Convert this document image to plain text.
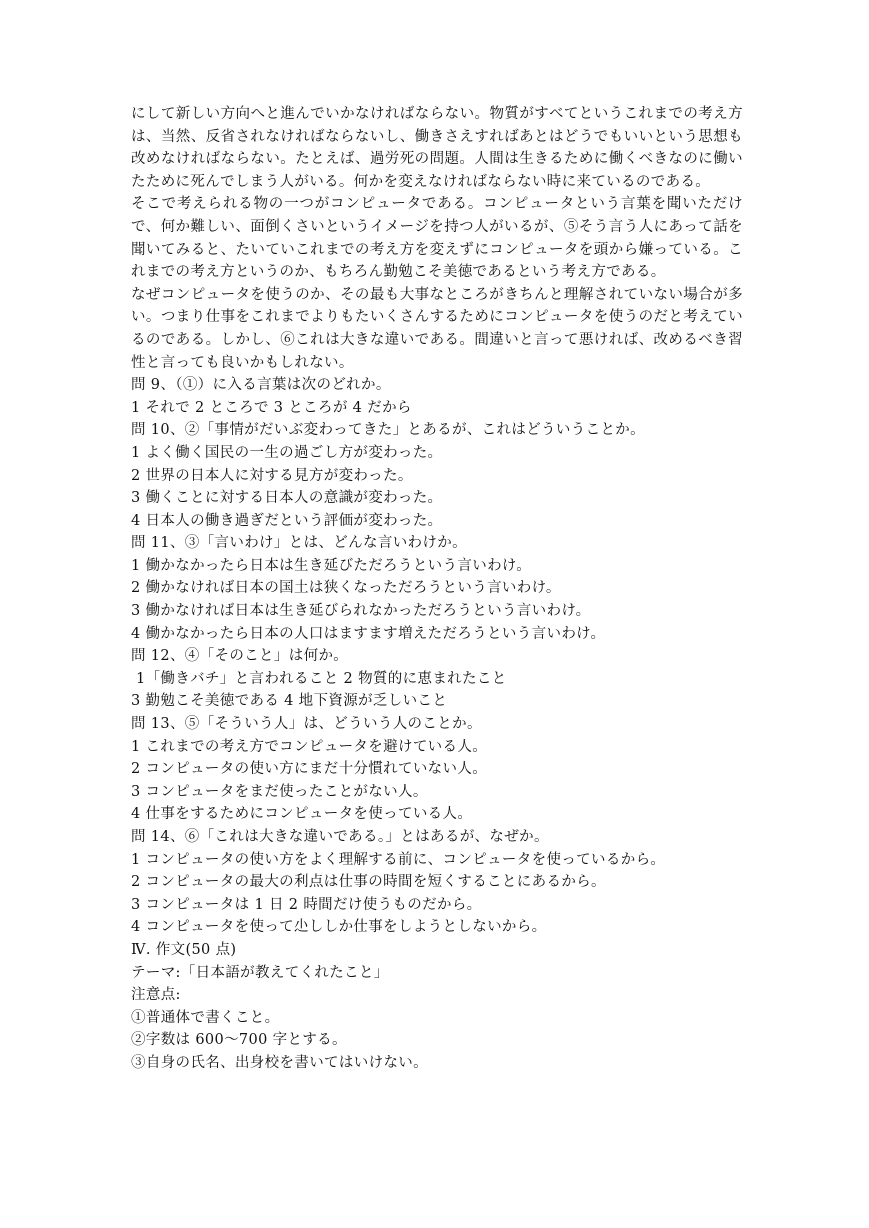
にして新しい方向へと進んでいかなければならない。物質がすべてというこれまでの考え方は、当然、反省されなければならないし、働きさえすればあとはどうでもいいという思想も改めなければならない。たとえば、過労死の問題。人間は生きるために働くべきなのに働いたために死んでしまう人がいる。何かを変えなければならない時に来ているのである。

そこで考えられる物の一つがコンピュータである。コンピュータという言葉を聞いただけで、何か難しい、面倒くさいというイメージを持つ人がいるが、⑤そう言う人にあって話を聞いてみると、たいていこれまでの考え方を変えずにコンピュータを頭から嫌っている。これまでの考え方というのか、もちろん勤勉こそ美徳であるという考え方である。

なぜコンピュータを使うのか、その最も大事なところがきちんと理解されていない場合が多い。つまり仕事をこれまでよりもたいくさんするためにコンピュータを使うのだと考えているのである。しかし、⑥これは大きな違いである。間違いと言って悪ければ、改めるべき習性と言っても良いかもしれない。

問 9、（①）に入る言葉は次のどれか。
1 それで 2 ところで 3 ところが 4 だから
問 10、②「事情がだいぶ変わってきた」とあるが、これはどういうことか。
1 よく働く国民の一生の過ごし方が変わった。
2 世界の日本人に対する見方が変わった。
3 働くことに対する日本人の意識が変わった。
4 日本人の働き過ぎだという評価が変わった。
問 11、③「言いわけ」とは、どんな言いわけか。
1 働かなかったら日本は生き延びただろうという言いわけ。
2 働かなければ日本の国土は狭くなっただろうという言いわけ。
3 働かなければ日本は生き延びられなかっただろうという言いわけ。
4 働かなかったら日本の人口はますます増えただろうという言いわけ。
問 12、④「そのこと」は何か。
1「働きバチ」と言われること 2 物質的に恵まれたこと
3 勤勉こそ美徳である 4 地下資源が乏しいこと
問 13、⑤「そういう人」は、どういう人のことか。
1 これまでの考え方でコンピュータを避けている人。
2 コンピュータの使い方にまだ十分慣れていない人。
3 コンピュータをまだ使ったことがない人。
4 仕事をするためにコンピュータを使っている人。
問 14、⑥「これは大きな違いである。」とはあるが、なぜか。
1 コンピュータの使い方をよく理解する前に、コンピュータを使っているから。
2 コンピュータの最大の利点は仕事の時間を短くすることにあるから。
3 コンピュータは 1 日 2 時間だけ使うものだから。
4 コンピュータを使って尐ししか仕事をしようとしないから。
Ⅳ. 作文(50 点)
テーマ:「日本語が教えてくれたこと」
注意点:
①普通体で書くこと。
②字数は 600～700 字とする。
③自身の氏名、出身校を書いてはいけない。
